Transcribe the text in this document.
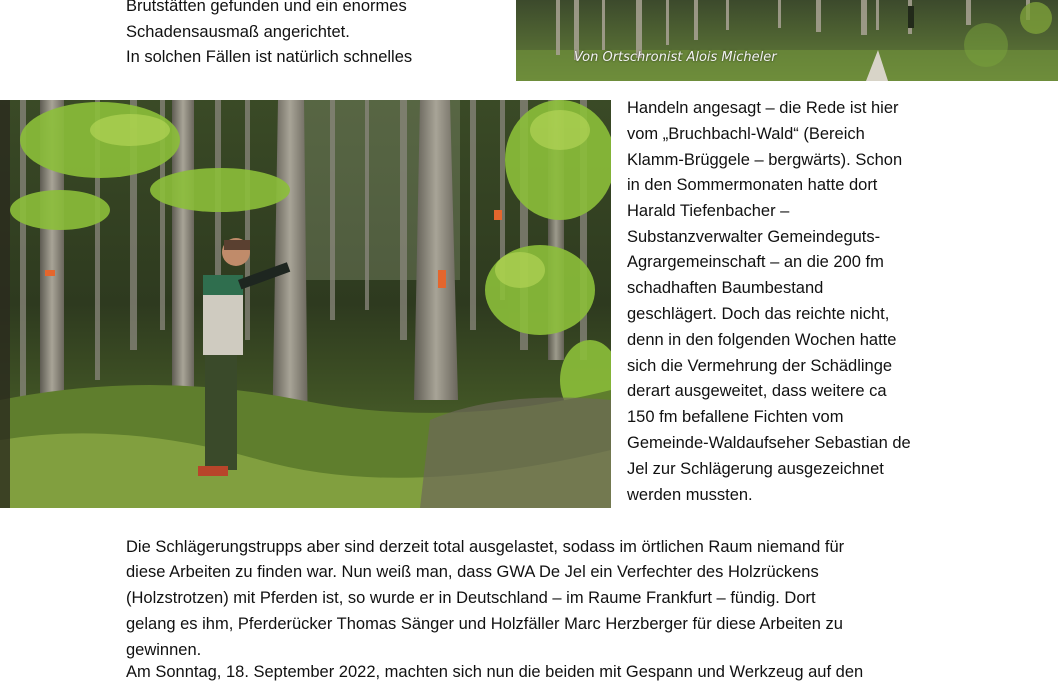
Brutstätten gefunden und ein enormes
Schadensausmaß angerichtet.
In solchen Fällen ist natürlich schnelles	Von Ortschronist Alois Micheler
Handeln angesagt – die Rede ist hier
vom „Bruchbachl-Wald“ (Bereich
Klamm-Brüggele – bergwärts). Schon
in den Sommermonaten hatte dort
Harald Tiefenbacher –
Substanzverwalter Gemeindeguts-
Agrargemeinschaft – an die 200 fm
schadhaften Baumbestand
geschlägert. Doch das reichte nicht,
denn in den folgenden Wochen hatte
sich die Vermehrung der Schädlinge
derart ausgeweitet, dass weitere ca
150 fm befallene Fichten vom
Gemeinde-Waldaufseher Sebastian de
Jel zur Schlägerung ausgezeichnet
werden mussten.
Die Schlägerungstrupps aber sind derzeit total ausgelastet, sodass im örtlichen Raum niemand für
diese Arbeiten zu finden war. Nun weiß man, dass GWA De Jel ein Verfechter des Holzrückens
(Holzstrotzen) mit Pferden ist, so wurde er in Deutschland – im Raume Frankfurt – fündig. Dort
gelang es ihm, Pferderücker Thomas Sänger und Holzfäller Marc Herzberger für diese Arbeiten zu
gewinnen.
Am Sonntag, 18. September 2022, machten sich nun die beiden mit Gespann und Werkzeug auf den
